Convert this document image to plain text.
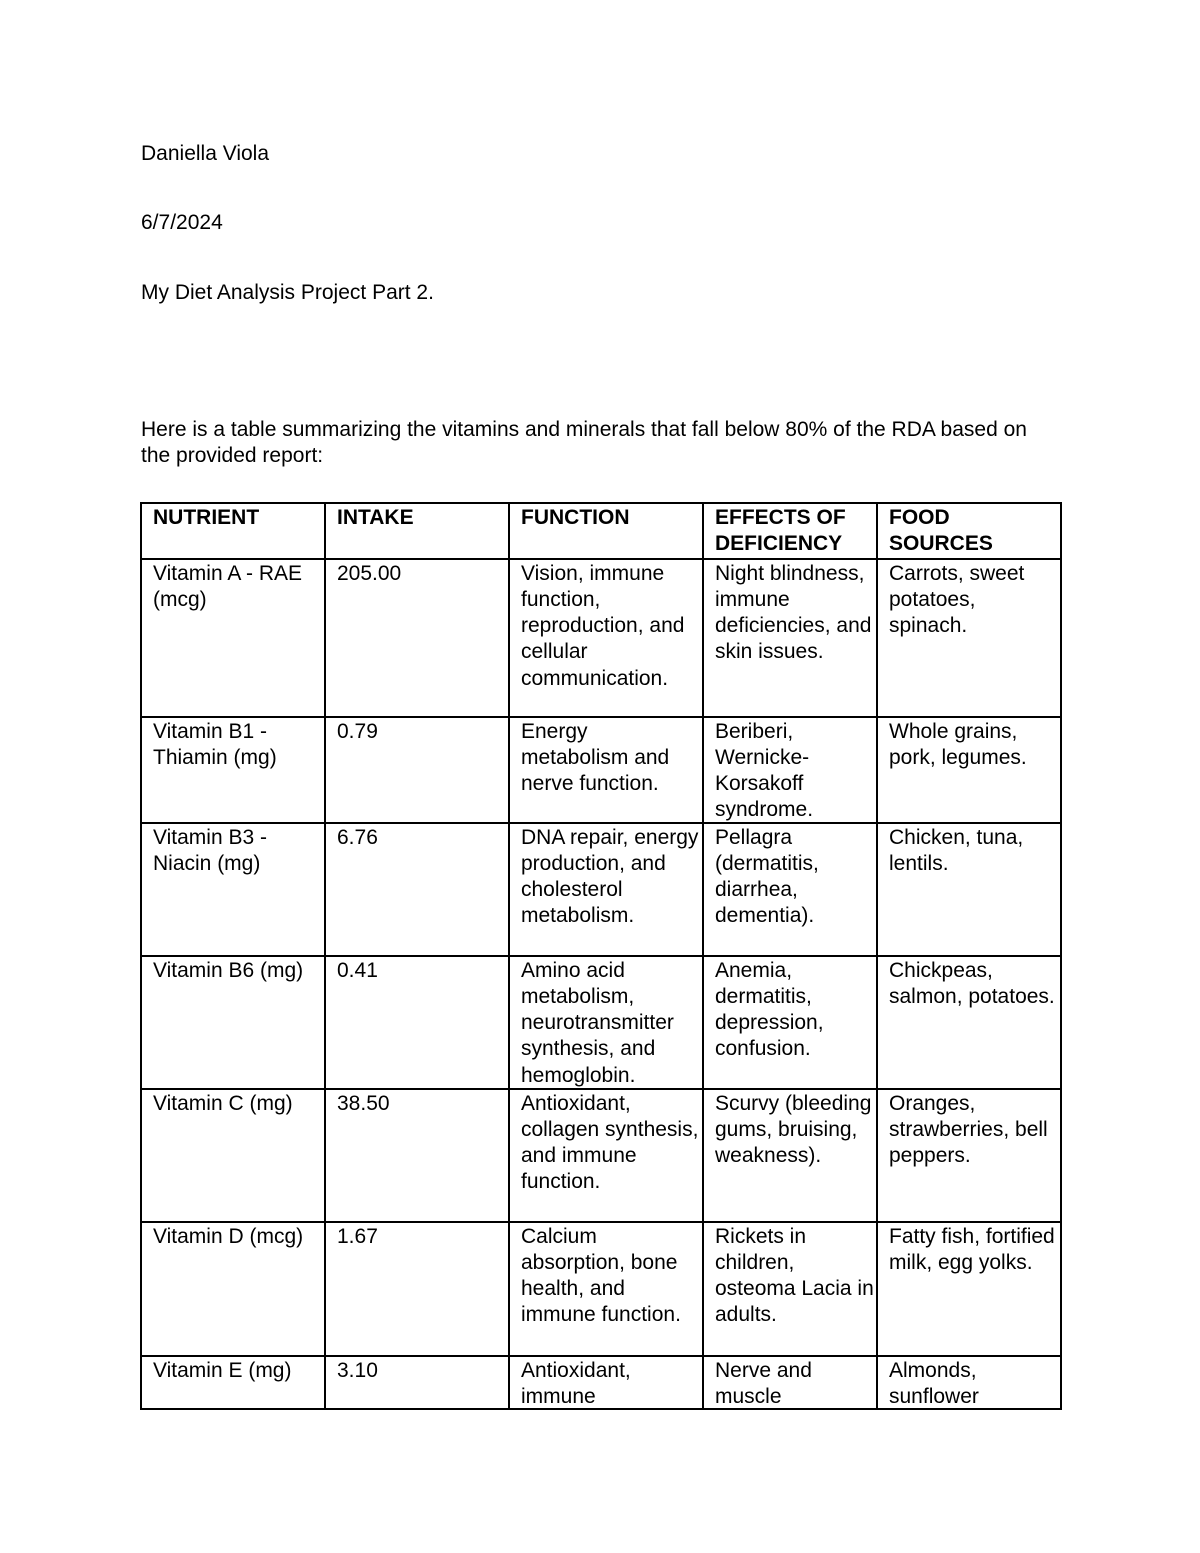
Daniella Viola
6/7/2024
My Diet Analysis Project Part 2.
Here is a table summarizing the vitamins and minerals that fall below 80% of the RDA based on the provided report:
NUTRIENT	INTAKE	FUNCTION	EFFECTS OF DEFICIENCY	FOOD SOURCES

Vitamin A - RAE (mcg)	205.00	Vision, immune function, reproduction, and cellular communication.	Night blindness, immune deficiencies, and skin issues.	Carrots, sweet potatoes, spinach.

Vitamin B1 - Thiamin (mg)	0.79	Energy metabolism and nerve function.	Beriberi, Wernicke-Korsakoff syndrome.	Whole grains, pork, legumes.

Vitamin B3 - Niacin (mg)	6.76	DNA repair, energy production, and cholesterol metabolism.	Pellagra (dermatitis, diarrhea, dementia).	Chicken, tuna, lentils.

Vitamin B6 (mg)	0.41	Amino acid metabolism, neurotransmitter synthesis, and hemoglobin.	Anemia, dermatitis, depression, confusion.	Chickpeas, salmon, potatoes.

Vitamin C (mg)	38.50	Antioxidant, collagen synthesis, and immune function.	Scurvy (bleeding gums, bruising, weakness).	Oranges, strawberries, bell peppers.

Vitamin D (mcg)	1.67	Calcium absorption, bone health, and immune function.	Rickets in children, osteoma Lacia in adults.	Fatty fish, fortified milk, egg yolks.

Vitamin E (mg)	3.10	Antioxidant, immune	Nerve and muscle	Almonds, sunflower
